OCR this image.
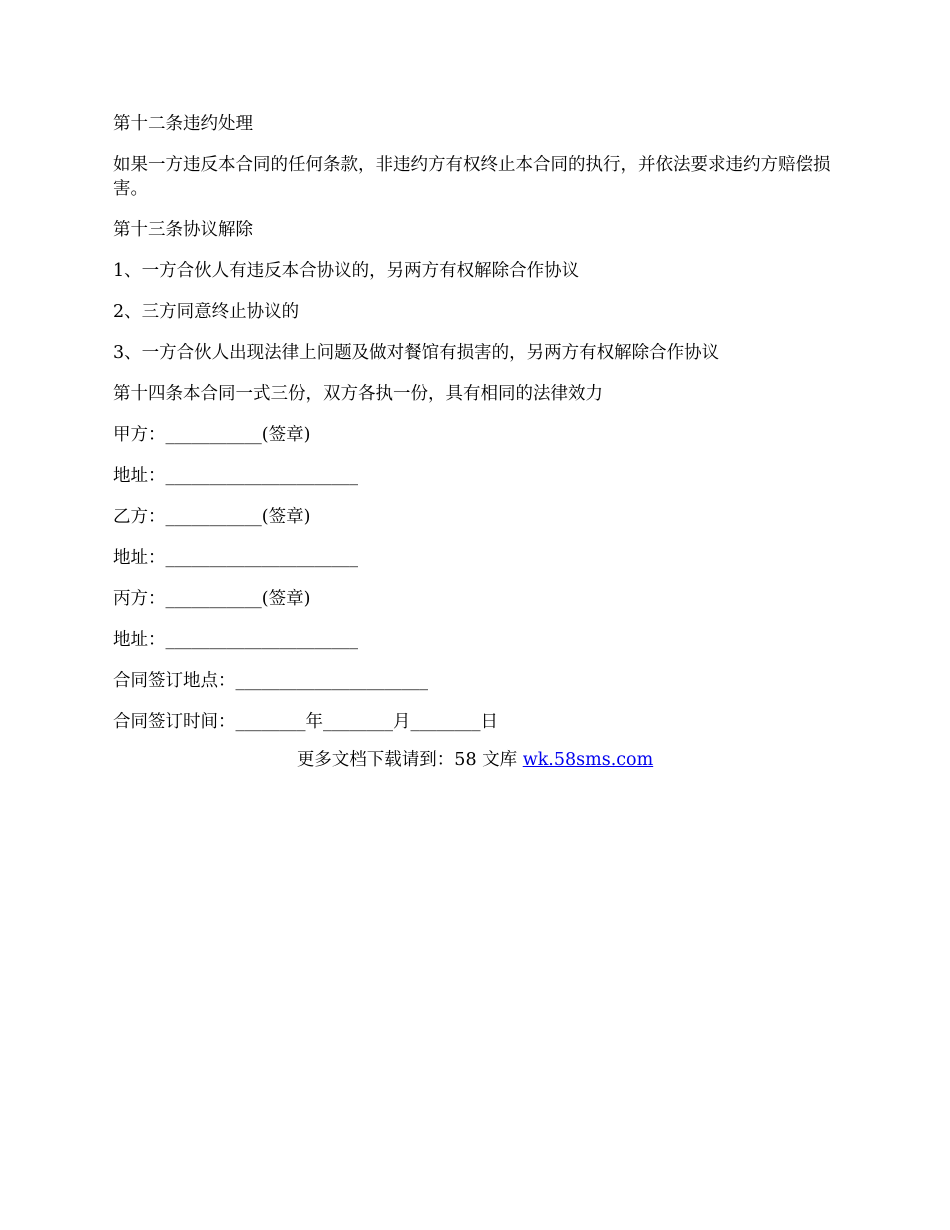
第十二条违约处理

如果一方违反本合同的任何条款，非违约方有权终止本合同的执行，并依法要求违约方赔偿损害。

第十三条协议解除

1、一方合伙人有违反本合协议的，另两方有权解除合作协议

2、三方同意终止协议的

3、一方合伙人出现法律上问题及做对餐馆有损害的，另两方有权解除合作协议

第十四条本合同一式三份，双方各执一份，具有相同的法律效力

甲方：___________(签章)

地址：______________________

乙方：___________(签章)

地址：______________________

丙方：___________(签章)

地址：______________________

合同签订地点：______________________

合同签订时间：________年________月________日

更多文档下载请到：58 文库 wk.58sms.com
